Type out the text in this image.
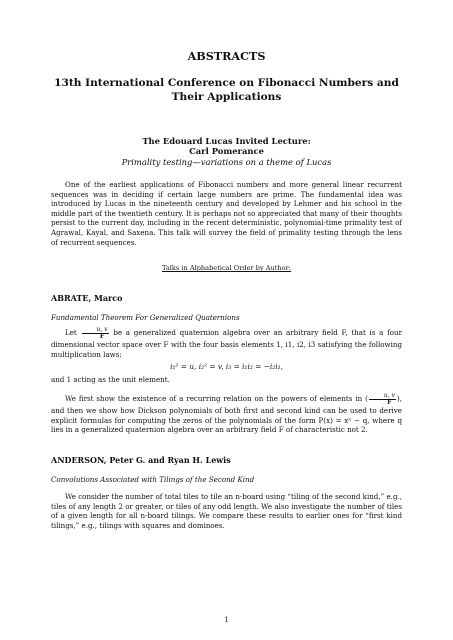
ABSTRACTS
13th International Conference on Fibonacci Numbers and
Their Applications
The Edouard Lucas Invited Lecture:
Carl Pomerance
Primality testing—variations on a theme of Lucas
One of the earliest applications of Fibonacci numbers and more general linear recurrent sequences was in deciding if certain large numbers are prime. The fundamental idea was introduced by Lucas in the nineteenth century and developed by Lehmer and his school in the middle part of the twentieth century. It is perhaps not so appreciated that many of their thoughts persist to the current day, including in the recent deterministic, polynomial-time primality test of Agrawal, Kayal, and Saxena. This talk will survey the field of primality testing through the lens of recurrent sequences.
Talks in Alphabetical Order by Author:
ABRATE, Marco
Fundamental Theorem For Generalized Quaternions
Let $\frac{u, v}{F}$ be a generalized quaternion algebra over an arbitrary field F, that is a four dimensional vector space over F with the four basis elements 1, i1, i2, i3 satisfying the following multiplication laws:
i₁² = u, i₂² = v, i₃ = i₁i₂ = −i₂i₁,
and 1 acting as the unit element.
We first show the existence of a recurring relation on the powers of elements in ( $\frac{u, v}{F}$ ), and then we show how Dickson polynomials of both first and second kind can be used to derive explicit formulas for computing the zeros of the polynomials of the form P(x) = xⁿ − q, where q lies in a generalized quaternion algebra over an arbitrary field F of characteristic not 2.
ANDERSON, Peter G. and Ryan H. Lewis
Convolutions Associated with Tilings of the Second Kind
We consider the number of total tiles to tile an n-board using “tiling of the second kind,” e.g., tiles of any length 2 or greater, or tiles of any odd length. We also investigate the number of tiles of a given length for all n-board tilings. We compare these results to earlier ones for “first kind tilings,” e.g., tilings with squares and dominoes.
1
